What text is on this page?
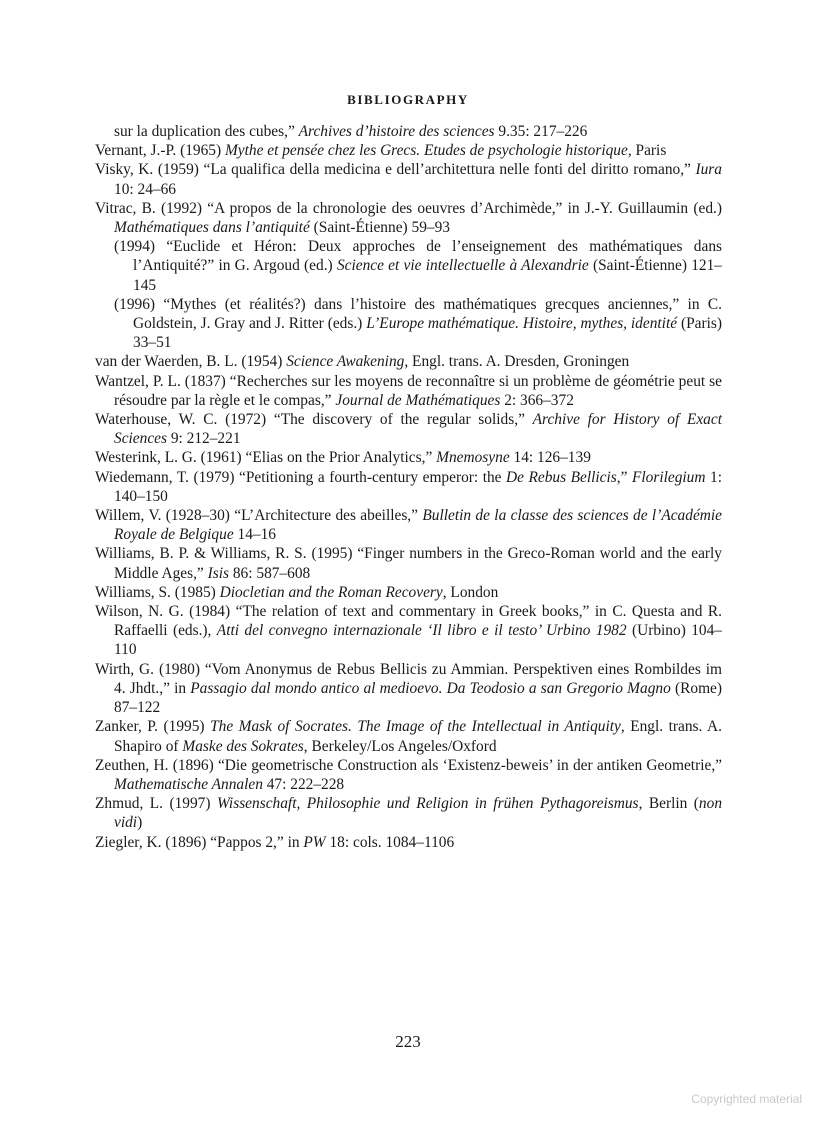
BIBLIOGRAPHY
sur la duplication des cubes,” Archives d’histoire des sciences 9.35: 217–226
Vernant, J.-P. (1965) Mythe et pensée chez les Grecs. Etudes de psychologie historique, Paris
Visky, K. (1959) “La qualifica della medicina e dell’architettura nelle fonti del diritto romano,” Iura 10: 24–66
Vitrac, B. (1992) “A propos de la chronologie des oeuvres d’Archimède,” in J.-Y. Guillaumin (ed.) Mathématiques dans l’antiquité (Saint-Étienne) 59–93
(1994) “Euclide et Héron: Deux approches de l’enseignement des mathématiques dans l’Antiquité?” in G. Argoud (ed.) Science et vie intellectuelle à Alexandrie (Saint-Étienne) 121–145
(1996) “Mythes (et réalités?) dans l’histoire des mathématiques grecques anciennes,” in C. Goldstein, J. Gray and J. Ritter (eds.) L’Europe mathématique. Histoire, mythes, identité (Paris) 33–51
van der Waerden, B. L. (1954) Science Awakening, Engl. trans. A. Dresden, Groningen
Wantzel, P. L. (1837) “Recherches sur les moyens de reconnaître si un problème de géométrie peut se résoudre par la règle et le compas,” Journal de Mathématiques 2: 366–372
Waterhouse, W. C. (1972) “The discovery of the regular solids,” Archive for History of Exact Sciences 9: 212–221
Westerink, L. G. (1961) “Elias on the Prior Analytics,” Mnemosyne 14: 126–139
Wiedemann, T. (1979) “Petitioning a fourth-century emperor: the De Rebus Bellicis,” Florilegium 1: 140–150
Willem, V. (1928–30) “L’Architecture des abeilles,” Bulletin de la classe des sciences de l’Académie Royale de Belgique 14–16
Williams, B. P. & Williams, R. S. (1995) “Finger numbers in the Greco-Roman world and the early Middle Ages,” Isis 86: 587–608
Williams, S. (1985) Diocletian and the Roman Recovery, London
Wilson, N. G. (1984) “The relation of text and commentary in Greek books,” in C. Questa and R. Raffaelli (eds.), Atti del convegno internazionale ‘Il libro e il testo’ Urbino 1982 (Urbino) 104–110
Wirth, G. (1980) “Vom Anonymus de Rebus Bellicis zu Ammian. Perspektiven eines Rombildes im 4. Jhdt.,” in Passagio dal mondo antico al medioevo. Da Teodosio a san Gregorio Magno (Rome) 87–122
Zanker, P. (1995) The Mask of Socrates. The Image of the Intellectual in Antiquity, Engl. trans. A. Shapiro of Maske des Sokrates, Berkeley/Los Angeles/Oxford
Zeuthen, H. (1896) “Die geometrische Construction als ‘Existenz-beweis’ in der antiken Geometrie,” Mathematische Annalen 47: 222–228
Zhmud, L. (1997) Wissenschaft, Philosophie und Religion in frühen Pythagoreismus, Berlin (non vidi)
Ziegler, K. (1896) “Pappos 2,” in PW 18: cols. 1084–1106
223
Copyrighted material
